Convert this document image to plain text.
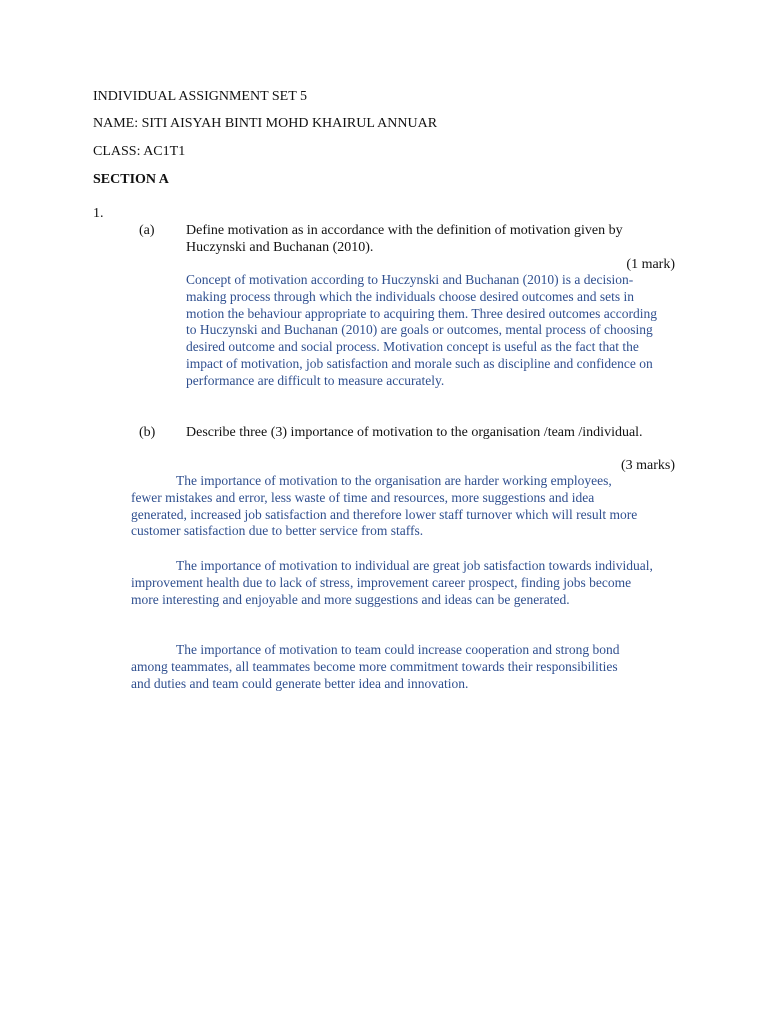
INDIVIDUAL ASSIGNMENT SET 5

NAME: SITI AISYAH BINTI MOHD KHAIRUL ANNUAR

CLASS: AC1T1

SECTION A

1.

(a) Define motivation as in accordance with the definition of motivation given by Huczynski and Buchanan (2010).

(1 mark)

Concept of motivation according to Huczynski and Buchanan (2010) is a decision-making process through which the individuals choose desired outcomes and sets in motion the behaviour appropriate to acquiring them. Three desired outcomes according to Huczynski and Buchanan (2010) are goals or outcomes, mental process of choosing desired outcome and social process. Motivation concept is useful as the fact that the impact of motivation, job satisfaction and morale such as discipline and confidence on performance are difficult to measure accurately.

(b) Describe three (3) importance of motivation to the organisation /team /individual.

(3 marks)

The importance of motivation to the organisation are harder working employees, fewer mistakes and error, less waste of time and resources, more suggestions and idea generated, increased job satisfaction and therefore lower staff turnover which will result more customer satisfaction due to better service from staffs.

The importance of motivation to individual are great job satisfaction towards individual, improvement health due to lack of stress, improvement career prospect, finding jobs become more interesting and enjoyable and more suggestions and ideas can be generated.

The importance of motivation to team could increase cooperation and strong bond among teammates, all teammates become more commitment towards their responsibilities and duties and team could generate better idea and innovation.
